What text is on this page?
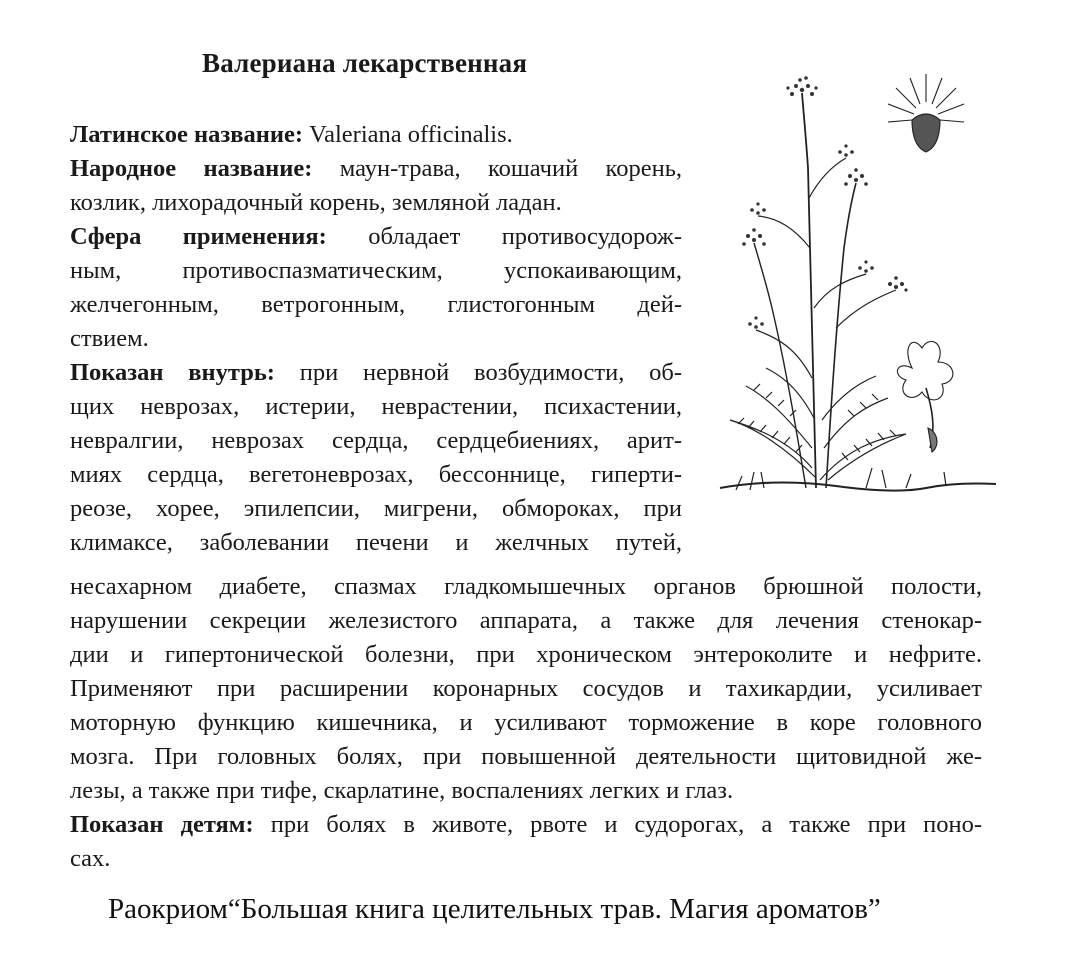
Валериана лекарственная
Латинское название: Valeriana officinalis.
Народное название: маун-трава, кошачий корень,
козлик, лихорадочный корень, земляной ладан.
Сфера применения: обладает противосудорож-
ным, противоспазматическим, успокаивающим,
желчегонным, ветрогонным, глистогонным дей-
ствием.
Показан внутрь: при нервной возбудимости, об-
щих неврозах, истерии, неврастении, психастении,
невралгии, неврозах сердца, сердцебиениях, арит-
миях сердца, вегетоневрозах, бессоннице, гиперти-
реозе, хорее, эпилепсии, мигрени, обмороках, при
климаксе, заболевании печени и желчных путей,
несахарном диабете, спазмах гладкомышечных органов брюшной полости,
нарушении секреции железистого аппарата, а также для лечения стенокар-
дии и гипертонической болезни, при хроническом энтероколите и нефрите.
Применяют при расширении коронарных сосудов и тахикардии, усиливает
моторную функцию кишечника, и усиливают торможение в коре головного
мозга. При головных болях, при повышенной деятельности щитовидной же-
лезы, а также при тифе, скарлатине, воспалениях легких и глаз.
Показан детям: при болях в животе, рвоте и судорогах, а также при поно-
сах.
Раокриом“Большая книга целительных трав. Магия ароматов”
